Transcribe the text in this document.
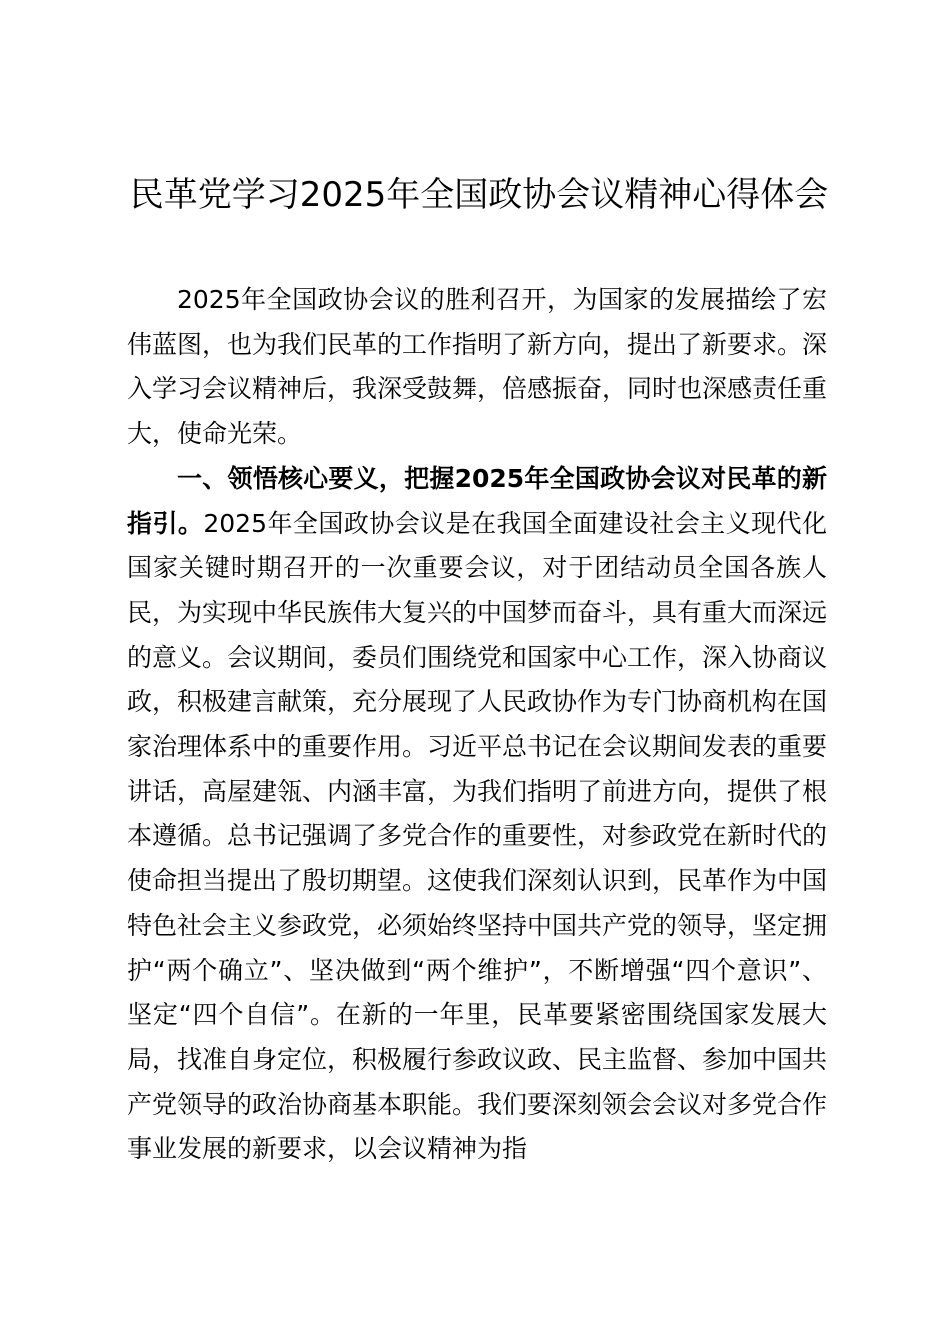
民革党学习2025年全国政协会议精神心得体会

2025年全国政协会议的胜利召开，为国家的发展描绘了宏伟蓝图，也为我们民革的工作指明了新方向，提出了新要求。深入学习会议精神后，我深受鼓舞，倍感振奋，同时也深感责任重大，使命光荣。

一、领悟核心要义，把握2025年全国政协会议对民革的新指引。2025年全国政协会议是在我国全面建设社会主义现代化国家关键时期召开的一次重要会议，对于团结动员全国各族人民，为实现中华民族伟大复兴的中国梦而奋斗，具有重大而深远的意义。会议期间，委员们围绕党和国家中心工作，深入协商议政，积极建言献策，充分展现了人民政协作为专门协商机构在国家治理体系中的重要作用。习近平总书记在会议期间发表的重要讲话，高屋建瓴、内涵丰富，为我们指明了前进方向，提供了根本遵循。总书记强调了多党合作的重要性，对参政党在新时代的使命担当提出了殷切期望。这使我们深刻认识到，民革作为中国特色社会主义参政党，必须始终坚持中国共产党的领导，坚定拥护“两个确立”、坚决做到“两个维护”，不断增强“四个意识”、坚定“四个自信”。在新的一年里，民革要紧密围绕国家发展大局，找准自身定位，积极履行参政议政、民主监督、参加中国共产党领导的政治协商基本职能。我们要深刻领会会议对多党合作事业发展的新要求，以会议精神为指
